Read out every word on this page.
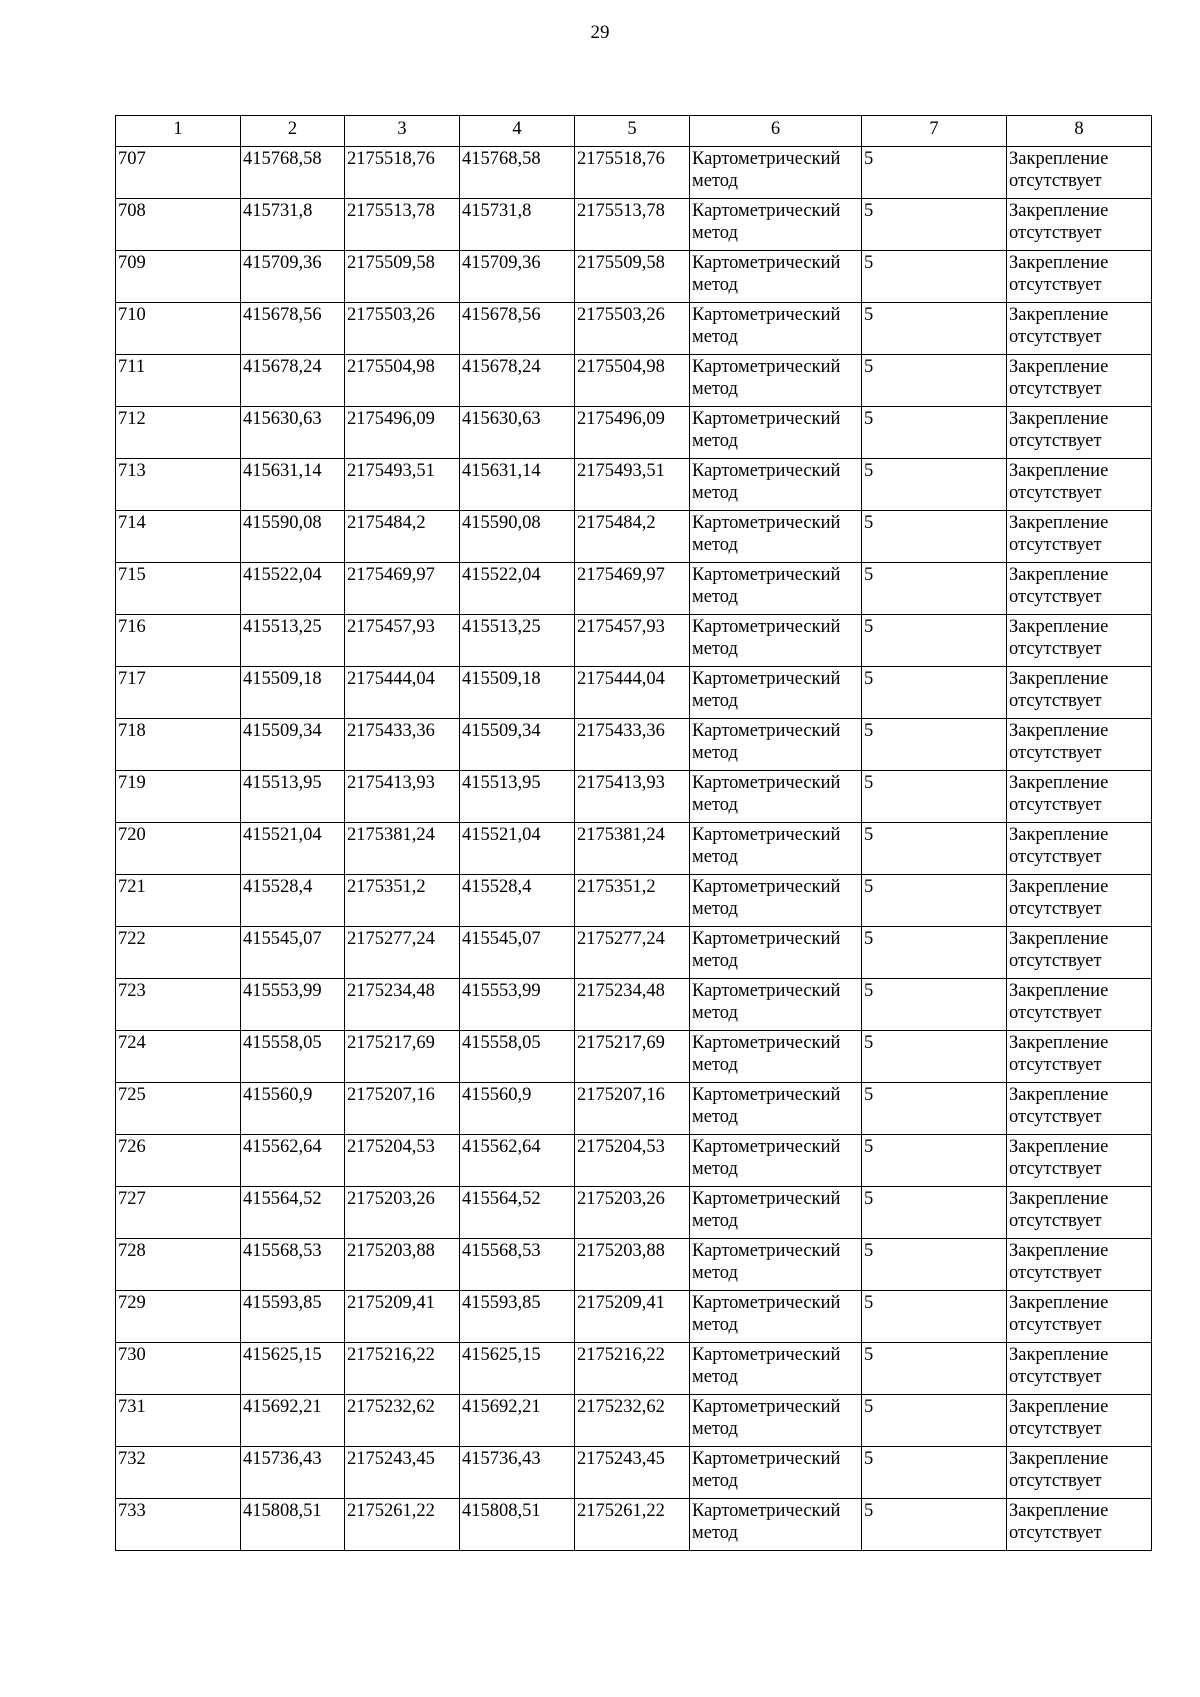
29
1	2	3	4	5	6	7	8
707	415768,58	2175518,76	415768,58	2175518,76	Картометрический метод	5	Закрепление отсутствует
708	415731,8	2175513,78	415731,8	2175513,78	Картометрический метод	5	Закрепление отсутствует
709	415709,36	2175509,58	415709,36	2175509,58	Картометрический метод	5	Закрепление отсутствует
710	415678,56	2175503,26	415678,56	2175503,26	Картометрический метод	5	Закрепление отсутствует
711	415678,24	2175504,98	415678,24	2175504,98	Картометрический метод	5	Закрепление отсутствует
712	415630,63	2175496,09	415630,63	2175496,09	Картометрический метод	5	Закрепление отсутствует
713	415631,14	2175493,51	415631,14	2175493,51	Картометрический метод	5	Закрепление отсутствует
714	415590,08	2175484,2	415590,08	2175484,2	Картометрический метод	5	Закрепление отсутствует
715	415522,04	2175469,97	415522,04	2175469,97	Картометрический метод	5	Закрепление отсутствует
716	415513,25	2175457,93	415513,25	2175457,93	Картометрический метод	5	Закрепление отсутствует
717	415509,18	2175444,04	415509,18	2175444,04	Картометрический метод	5	Закрепление отсутствует
718	415509,34	2175433,36	415509,34	2175433,36	Картометрический метод	5	Закрепление отсутствует
719	415513,95	2175413,93	415513,95	2175413,93	Картометрический метод	5	Закрепление отсутствует
720	415521,04	2175381,24	415521,04	2175381,24	Картометрический метод	5	Закрепление отсутствует
721	415528,4	2175351,2	415528,4	2175351,2	Картометрический метод	5	Закрепление отсутствует
722	415545,07	2175277,24	415545,07	2175277,24	Картометрический метод	5	Закрепление отсутствует
723	415553,99	2175234,48	415553,99	2175234,48	Картометрический метод	5	Закрепление отсутствует
724	415558,05	2175217,69	415558,05	2175217,69	Картометрический метод	5	Закрепление отсутствует
725	415560,9	2175207,16	415560,9	2175207,16	Картометрический метод	5	Закрепление отсутствует
726	415562,64	2175204,53	415562,64	2175204,53	Картометрический метод	5	Закрепление отсутствует
727	415564,52	2175203,26	415564,52	2175203,26	Картометрический метод	5	Закрепление отсутствует
728	415568,53	2175203,88	415568,53	2175203,88	Картометрический метод	5	Закрепление отсутствует
729	415593,85	2175209,41	415593,85	2175209,41	Картометрический метод	5	Закрепление отсутствует
730	415625,15	2175216,22	415625,15	2175216,22	Картометрический метод	5	Закрепление отсутствует
731	415692,21	2175232,62	415692,21	2175232,62	Картометрический метод	5	Закрепление отсутствует
732	415736,43	2175243,45	415736,43	2175243,45	Картометрический метод	5	Закрепление отсутствует
733	415808,51	2175261,22	415808,51	2175261,22	Картометрический метод	5	Закрепление отсутствует
